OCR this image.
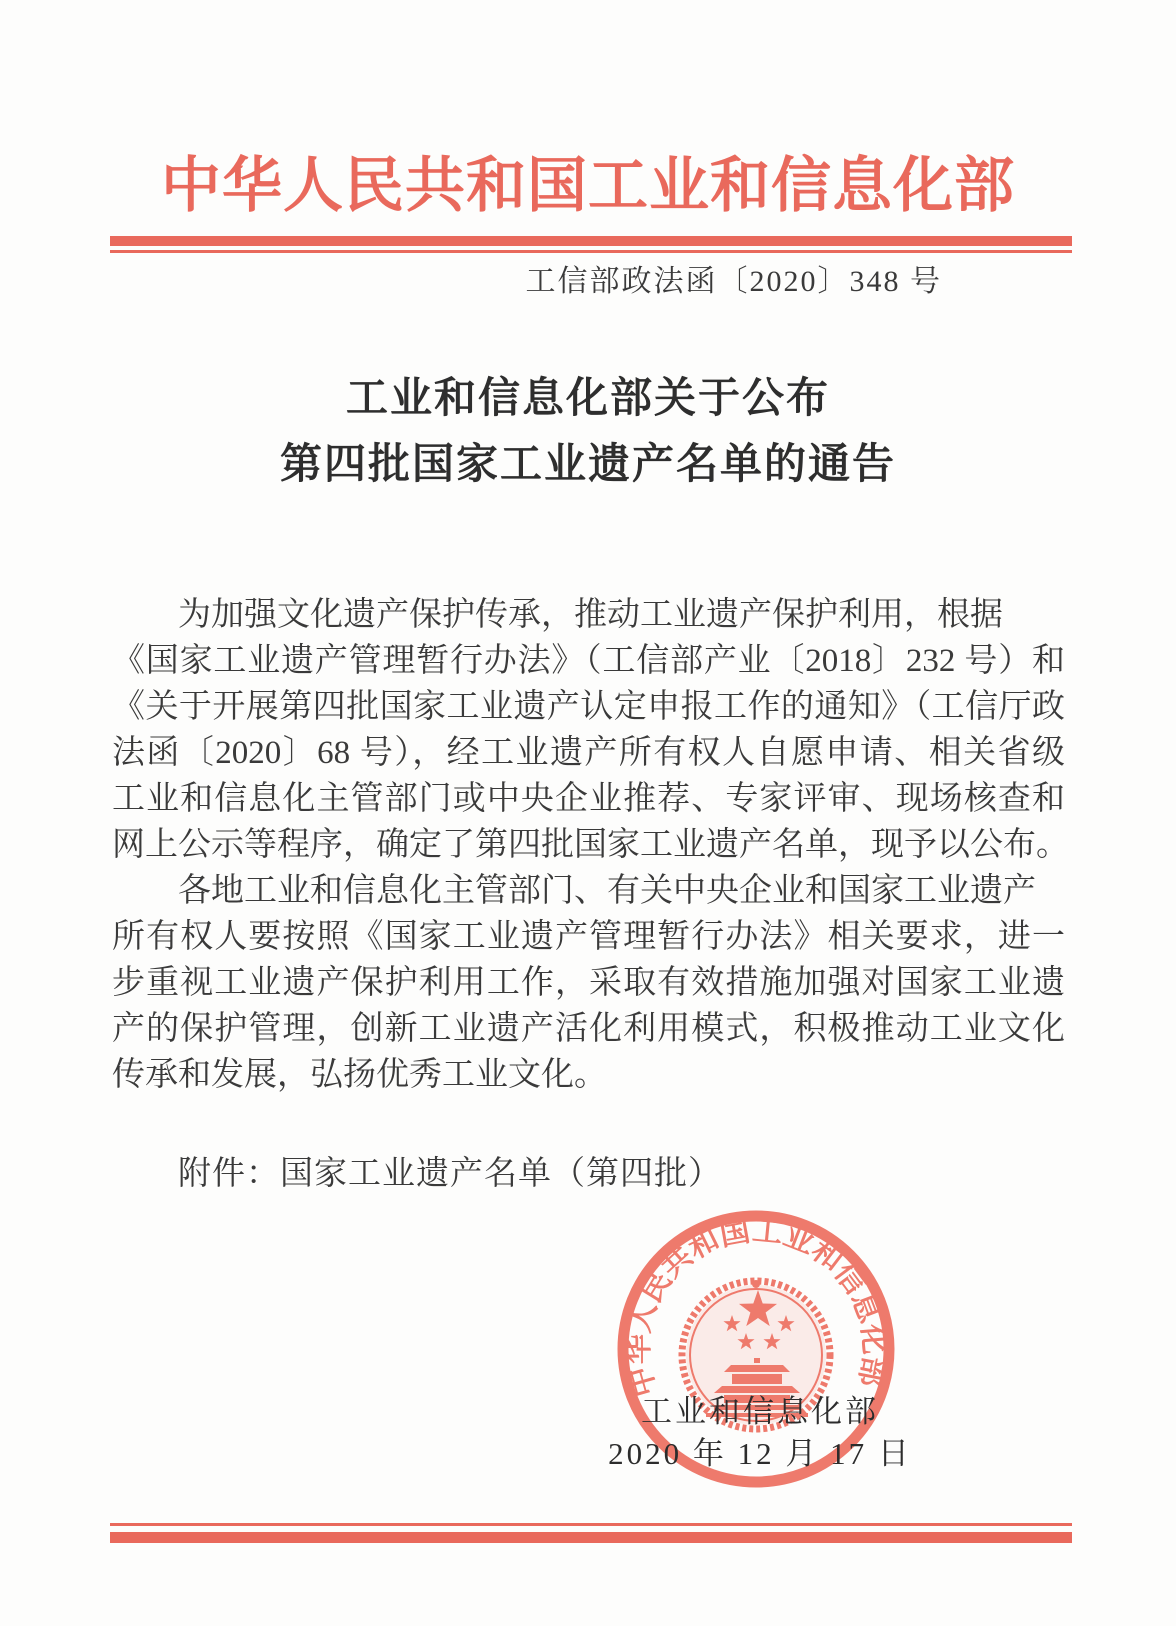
中华人民共和国工业和信息化部
工信部政法函〔2020〕348 号
工业和信息化部关于公布
第四批国家工业遗产名单的通告
为加强文化遗产保护传承，推动工业遗产保护利用，根据
《国家工业遗产管理暂行办法》（工信部产业〔2018〕232 号）和
《关于开展第四批国家工业遗产认定申报工作的通知》（工信厅政
法函〔2020〕68 号），经工业遗产所有权人自愿申请、相关省级
工业和信息化主管部门或中央企业推荐、专家评审、现场核查和
网上公示等程序，确定了第四批国家工业遗产名单，现予以公布。
各地工业和信息化主管部门、有关中央企业和国家工业遗产
所有权人要按照《国家工业遗产管理暂行办法》相关要求，进一
步重视工业遗产保护利用工作，采取有效措施加强对国家工业遗
产的保护管理，创新工业遗产活化利用模式，积极推动工业文化
传承和发展，弘扬优秀工业文化。
附件：国家工业遗产名单（第四批）
中华人民共和国工业和信息化部
工业和信息化部
2020 年 12 月 17 日
